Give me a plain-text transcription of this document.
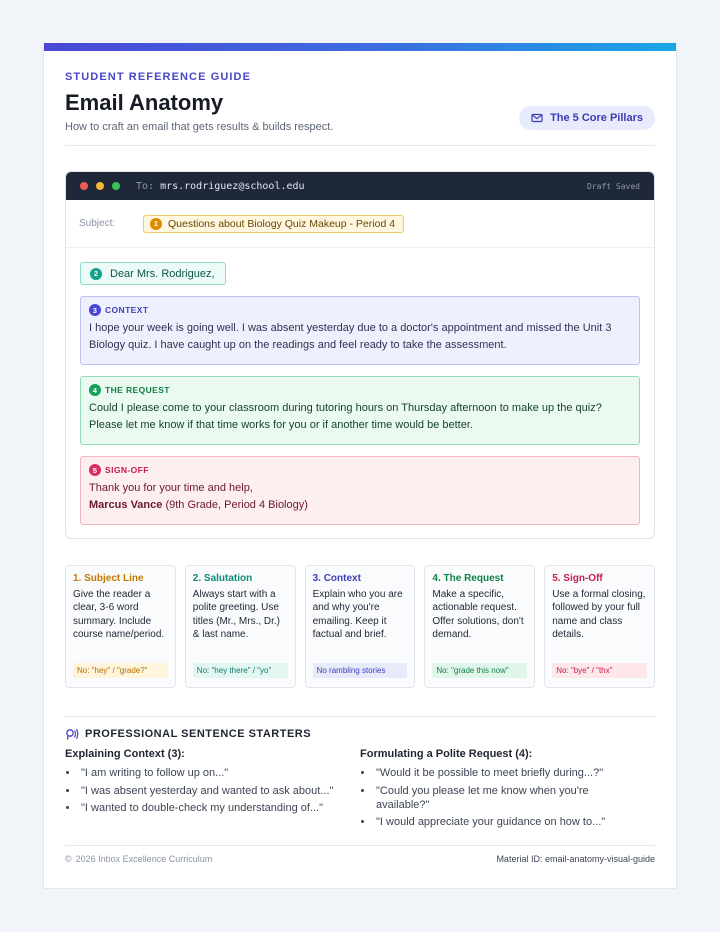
STUDENT REFERENCE GUIDE
Email Anatomy
How to craft an email that gets results & builds respect.
The 5 Core Pillars
To: mrs.rodriguez@school.edu	Draft Saved
Subject:	1 Questions about Biology Quiz Makeup - Period 4
2	Dear Mrs. Rodriguez,
3 CONTEXT
I hope your week is going well. I was absent yesterday due to a doctor's appointment and missed the Unit 3 Biology quiz. I have caught up on the readings and feel ready to take the assessment.
4 THE REQUEST
Could I please come to your classroom during tutoring hours on Thursday afternoon to make up the quiz? Please let me know if that time works for you or if another time would be better.
5 SIGN-OFF
Thank you for your time and help,
Marcus Vance (9th Grade, Period 4 Biology)
1. Subject Line
Give the reader a clear, 3-6 word summary. Include course name/period.
No: "hey" / "grade?"
2. Salutation
Always start with a polite greeting. Use titles (Mr., Mrs., Dr.) & last name.
No: "hey there" / "yo"
3. Context
Explain who you are and why you're emailing. Keep it factual and brief.
No rambling stories
4. The Request
Make a specific, actionable request. Offer solutions, don't demand.
No: "grade this now"
5. Sign-Off
Use a formal closing, followed by your full name and class details.
No: "bye" / "thx"
PROFESSIONAL SENTENCE STARTERS
Explaining Context (3):
• "I am writing to follow up on..."
• "I was absent yesterday and wanted to ask about..."
• "I wanted to double-check my understanding of..."
Formulating a Polite Request (4):
• "Would it be possible to meet briefly during...?"
• "Could you please let me know when you're available?"
• "I would appreciate your guidance on how to..."
© 2026 Inbox Excellence Curriculum	Material ID: email-anatomy-visual-guide
